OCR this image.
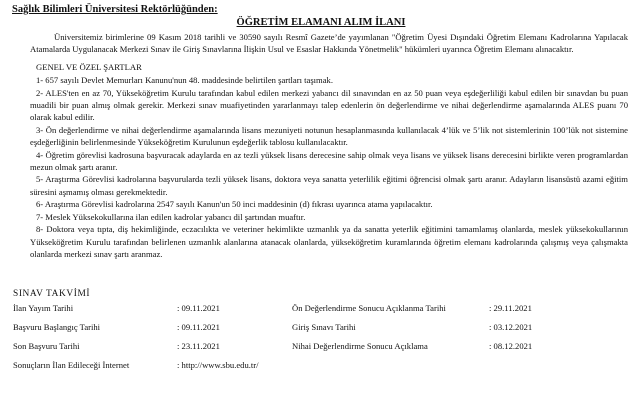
Sağlık Bilimleri Üniversitesi Rektörlüğünden:
ÖĞRETİM ELAMANI ALIM İLANI

Üniversitemiz birimlerine 09 Kasım 2018 tarihli ve 30590 sayılı Resmî Gazete’de yayımlanan "Öğretim Üyesi Dışındaki Öğretim Elemanı Kadrolarına Yapılacak Atamalarda Uygulanacak Merkezi Sınav ile Giriş Sınavlarına İlişkin Usul ve Esaslar Hakkında Yönetmelik" hükümleri uyarınca Öğretim Elemanı alınacaktır.

GENEL VE ÖZEL ŞARTLAR

1- 657 sayılı Devlet Memurları Kanunu'nun 48. maddesinde belirtilen şartları taşımak.

2- ALES'ten en az 70, Yükseköğretim Kurulu tarafından kabul edilen merkezi yabancı dil sınavından en az 50 puan veya eşdeğerliliği kabul edilen bir sınavdan bu puan muadili bir puan almış olmak gerekir. Merkezi sınav muafiyetinden yararlanmayı talep edenlerin ön değerlendirme ve nihai değerlendirme aşamalarında ALES puanı 70 olarak kabul edilir.

3- Ön değerlendirme ve nihai değerlendirme aşamalarında lisans mezuniyeti notunun hesaplanmasında kullanılacak 4’lük ve 5’lik not sistemlerinin 100’lük not sistemine eşdeğerliğinin belirlenmesinde Yükseköğretim Kurulunun eşdeğerlik tablosu kullanılacaktır.

4- Öğretim görevlisi kadrosuna başvuracak adaylarda en az tezli yüksek lisans derecesine sahip olmak veya lisans ve yüksek lisans derecesini birlikte veren programlardan mezun olmak şartı aranır.

5- Araştırma Görevlisi kadrolarına başvurularda tezli yüksek lisans, doktora veya sanatta yeterlilik eğitimi öğrencisi olmak şartı aranır. Adayların lisansüstü azami eğitim süresini aşmamış olması gerekmektedir.

6- Araştırma Görevlisi kadrolarına 2547 sayılı Kanun'un 50 inci maddesinin (d) fıkrası uyarınca atama yapılacaktır.

7- Meslek Yüksekokullarına ilan edilen kadrolar yabancı dil şartından muaftır.

8- Doktora veya tıpta, diş hekimliğinde, eczacılıkta ve veteriner hekimlikte uzmanlık ya da sanatta yeterlik eğitimini tamamlamış olanlarda, meslek yüksekokullarının Yükseköğretim Kurulu tarafından belirlenen uzmanlık alanlarına atanacak olanlarda, yükseköğretim kuramlarında öğretim elemanı kadrolarında çalışmış veya çalışmakta olanlarda merkezi sınav şartı aranmaz.

SINAV TAKVİMİ
İlan Yayım Tarihi	: 09.11.2021	Ön Değerlendirme Sonucu Açıklanma Tarihi	: 29.11.2021
Başvuru Başlangıç Tarihi	: 09.11.2021	Giriş Sınavı Tarihi	: 03.12.2021
Son Başvuru Tarihi	: 23.11.2021	Nihai Değerlendirme Sonucu Açıklama	: 08.12.2021
Sonuçların İlan Edileceği İnternet	: http://www.sbu.edu.tr/
